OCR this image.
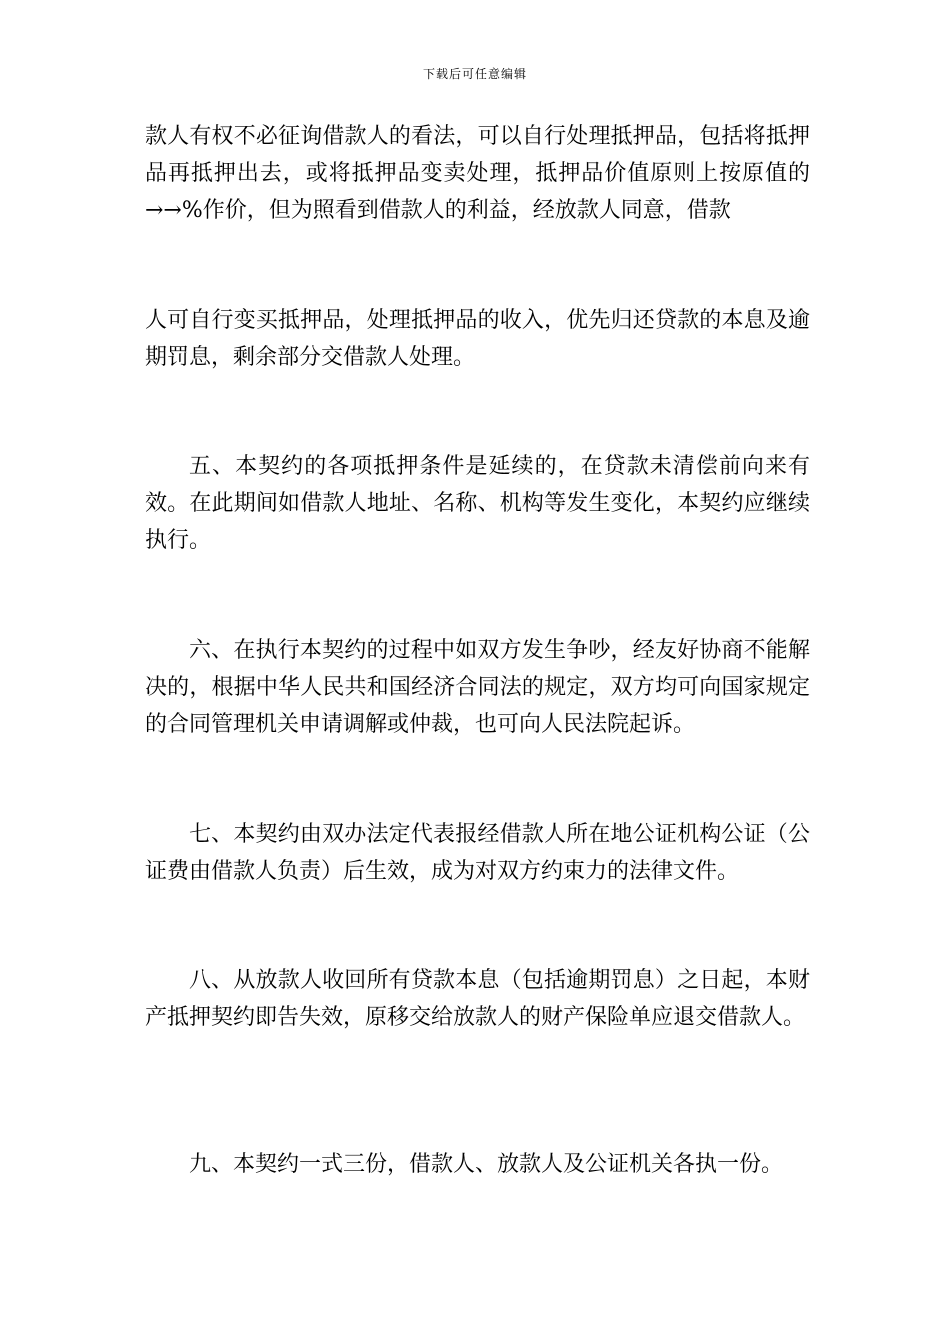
下载后可任意编辑

款人有权不必征询借款人的看法，可以自行处理抵押品，包括将抵押品再抵押出去，或将抵押品变卖处理，抵押品价值原则上按原值的→→%作价，但为照看到借款人的利益，经放款人同意，借款

人可自行变买抵押品，处理抵押品的收入，优先归还贷款的本息及逾期罚息，剩余部分交借款人处理。

五、本契约的各项抵押条件是延续的，在贷款未清偿前向来有效。在此期间如借款人地址、名称、机构等发生变化，本契约应继续执行。

六、在执行本契约的过程中如双方发生争吵，经友好协商不能解决的，根据中华人民共和国经济合同法的规定，双方均可向国家规定的合同管理机关申请调解或仲裁，也可向人民法院起诉。

七、本契约由双办法定代表报经借款人所在地公证机构公证（公证费由借款人负责）后生效，成为对双方约束力的法律文件。

八、从放款人收回所有贷款本息（包括逾期罚息）之日起，本财产抵押契约即告失效，原移交给放款人的财产保险单应退交借款人。

九、本契约一式三份，借款人、放款人及公证机关各执一份。
